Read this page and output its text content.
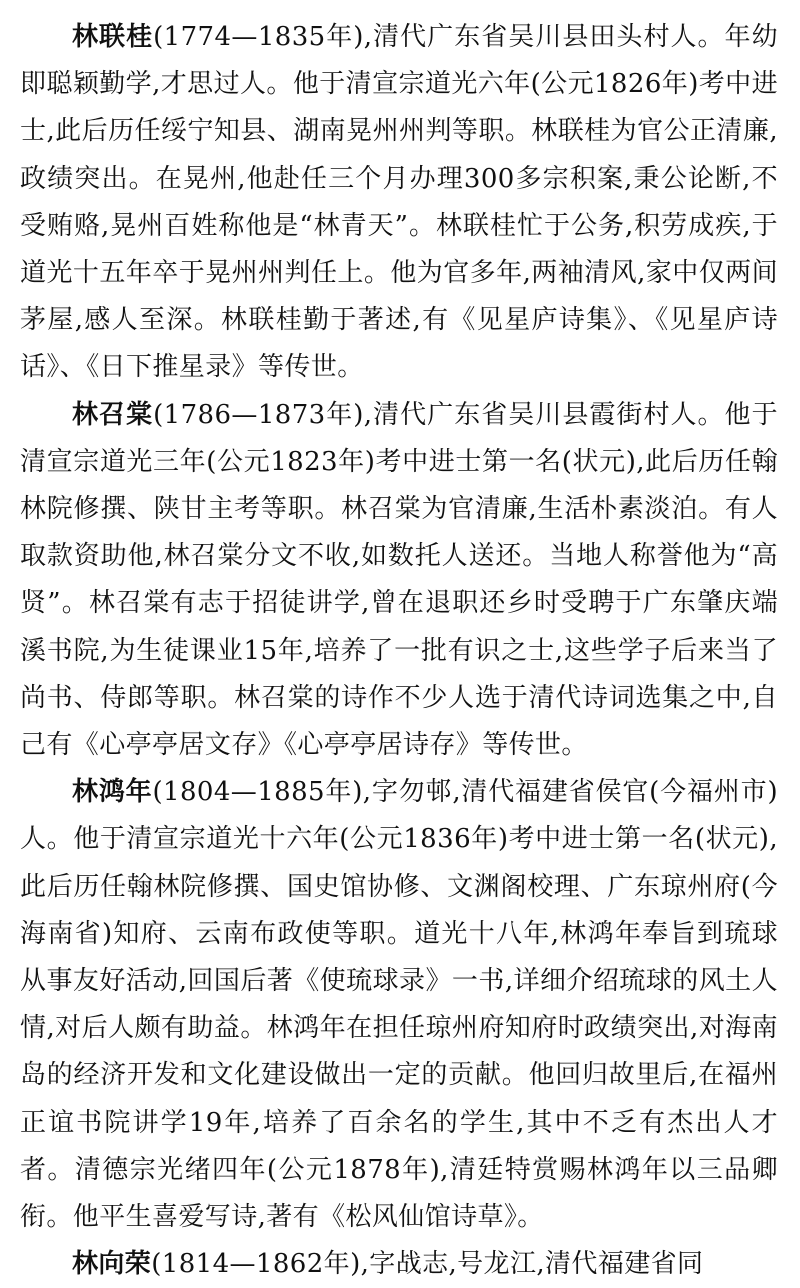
林联桂(1774—1835年),清代广东省吴川县田头村人。年幼即聪颖勤学,才思过人。他于清宣宗道光六年(公元1826年)考中进士,此后历任绥宁知县、湖南晃州州判等职。林联桂为官公正清廉,政绩突出。在晃州,他赴任三个月办理300多宗积案,秉公论断,不受贿赂,晃州百姓称他是“林青天”。林联桂忙于公务,积劳成疾,于道光十五年卒于晃州州判任上。他为官多年,两袖清风,家中仅两间茅屋,感人至深。林联桂勤于著述,有《见星庐诗集》、《见星庐诗话》、《日下推星录》等传世。

林召棠(1786—1873年),清代广东省吴川县霞街村人。他于清宣宗道光三年(公元1823年)考中进士第一名(状元),此后历任翰林院修撰、陕甘主考等职。林召棠为官清廉,生活朴素淡泊。有人取款资助他,林召棠分文不收,如数托人送还。当地人称誉他为“高贤”。林召棠有志于招徒讲学,曾在退职还乡时受聘于广东肇庆端溪书院,为生徒课业15年,培养了一批有识之士,这些学子后来当了尚书、侍郎等职。林召棠的诗作不少人选于清代诗词选集之中,自己有《心亭亭居文存》《心亭亭居诗存》等传世。

林鸿年(1804—1885年),字勿邨,清代福建省侯官(今福州市)人。他于清宣宗道光十六年(公元1836年)考中进士第一名(状元),此后历任翰林院修撰、国史馆协修、文渊阁校理、广东琼州府(今海南省)知府、云南布政使等职。道光十八年,林鸿年奉旨到琉球从事友好活动,回国后著《使琉球录》一书,详细介绍琉球的风土人情,对后人颇有助益。林鸿年在担任琼州府知府时政绩突出,对海南岛的经济开发和文化建设做出一定的贡献。他回归故里后,在福州正谊书院讲学19年,培养了百余名的学生,其中不乏有杰出人才者。清德宗光绪四年(公元1878年),清廷特赏赐林鸿年以三品卿衔。他平生喜爱写诗,著有《松风仙馆诗草》。

林向荣(1814—1862年),字战志,号龙江,清代福建省同
